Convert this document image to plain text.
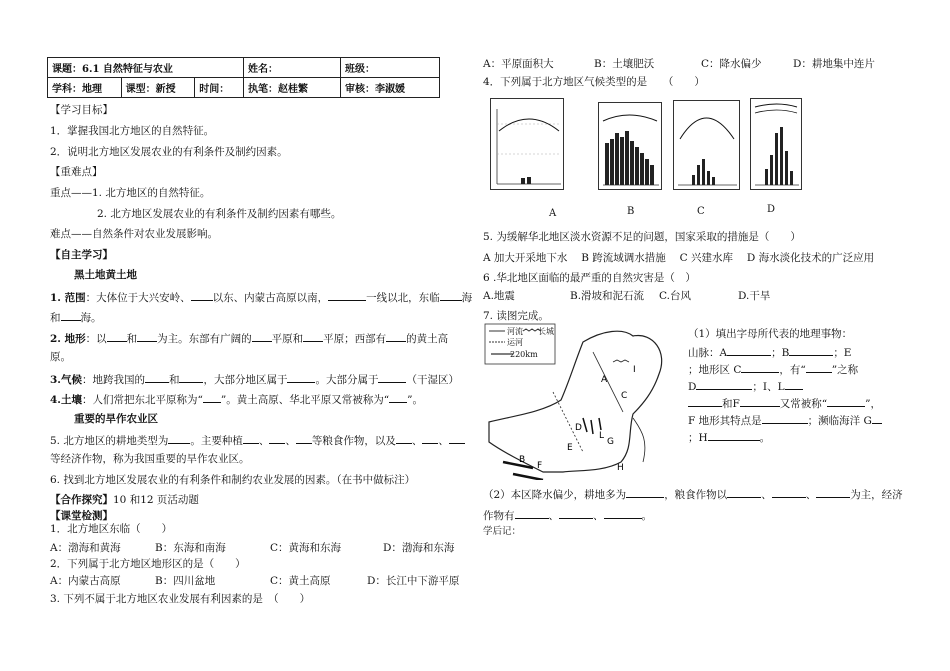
课题：6.1 自然特征与农业			姓名：	班级：
学科：地理	课型：新授	时间：	执笔：赵桂繁	审核：李淑媛
【学习目标】
1．掌握我国北方地区的自然特征。
2．说明北方地区发展农业的有利条件及制约因素。
【重难点】
重点——1. 北方地区的自然特征。
2. 北方地区发展农业的有利条件及制约因素有哪些。
难点——自然条件对农业发展影响。
【自主学习】
黑土地黄土地
1. 范围：大体位于大兴安岭、 以东、内蒙古高原以南，	一线以北，东临 海
和 海。
2. 地形：以 和 为主。东部有广阔的 平原和 平原；西部有 的黄土高
原。
3.气候：地跨我国的 和 ，大部分地区属于	。大部分属于	（干湿区）
4.土壤：人们常把东北平原称为“ ”。黄土高原、华北平原又常被称为“ ”。
重要的旱作农业区
5. 北方地区的耕地类型为 。主要种植 、 、 等粮食作物，以及 、 、
等经济作物，称为我国重要的旱作农业区。
6. 找到北方地区发展农业的有利条件和制约农业发展的因素。（在书中做标注）
【合作探究】10 和12 页活动题
【课堂检测】
1．北方地区东临（　　）
A：渤海和黄海	B：东海和南海	C：黄海和东海	D：渤海和东海
2．下列属于北方地区地形区的是（　　）
A：内蒙古高原	B：四川盆地	C：黄土高原	D：长江中下游平原
3. 下列不属于北方地区农业发展有利因素的是　（　　）
A：平原面积大	B：土壤肥沃	C：降水偏少	D：耕地集中连片
4．下列属于北方地区气候类型的是　　（　　）
A	B	C	D
5. 为缓解华北地区淡水资源不足的问题，国家采取的措施是（　　）
A 加大开采地下水　 B 跨流域调水措施　 C 兴建水库　 D 海水淡化技术的广泛应用
6 .华北地区面临的最严重的自然灾害是（　）
A.地震	B.滑坡和泥石流 C.台风	D.干旱
7. 读图完成。
A
B
C
D
E
F
G
H
I
L
河流 长城
运河
220km
（1）填出字母所代表的地理事物：
山脉：A	；B	；E
；地形区 C	，有“ ”之称
D	；I、L
和F	又常被称“	”，
F 地形其特点是	；濒临海洋 G
；H	。
（2）本区降水偏少，耕地多为	，粮食作物以	、	、	为主，经济
作物有	、	、	。
学后记：
